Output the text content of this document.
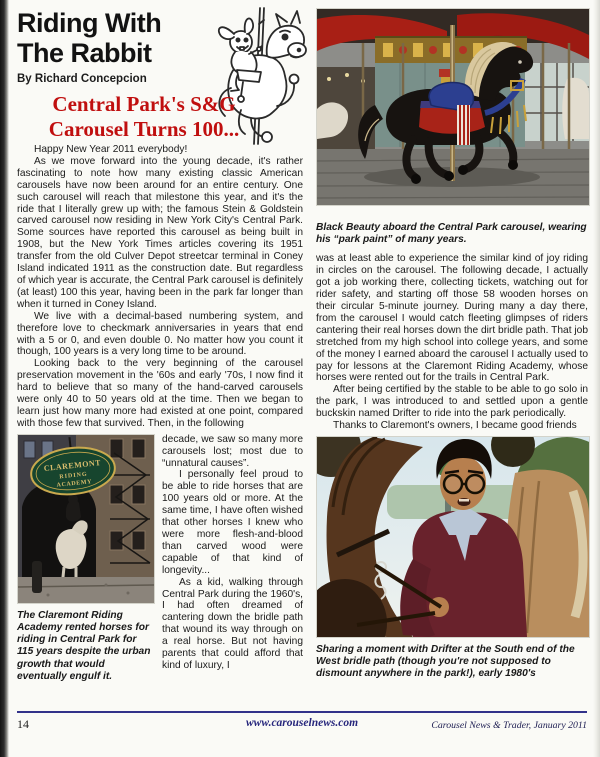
Riding With
The Rabbit
By Richard Concepcion
Central Park's S&G
Carousel Turns 100...

Happy New Year 2011 everybody!

As we move forward into the young decade, it's rather fascinating to note how many existing classic American carousels have now been around for an entire century. One such carousel will reach that milestone this year, and it's the ride that I literally grew up with; the famous Stein & Goldstein carved carousel now residing in New York City's Central Park. Some sources have reported this carousel as being built in 1908, but the New York Times articles covering its 1951 transfer from the old Culver Depot streetcar terminal in Coney Island indicated 1911 as the construction date. But regardless of which year is accurate, the Central Park carousel is definitely (at least) 100 this year, having been in the park far longer than when it turned in Coney Island.

We live with a decimal-based numbering system, and therefore love to checkmark anniversaries in years that end with a 5 or 0, and even double 0. No matter how you count it though, 100 years is a very long time to be around.

Looking back to the very beginning of the carousel preservation movement in the '60s and early '70s, I now find it hard to believe that so many of the hand-carved carousels were only 40 to 50 years old at the time. Then we began to learn just how many more had existed at one point, compared with those few that survived. Then, in the following

CLAREMONT
RIDING
ACADEMY
The Claremont Riding Academy rented horses for riding in Central Park for 115 years despite the urban growth that would eventually engulf it.

decade, we saw so many more carousels lost; most due to “unnatural causes”.

I personally feel proud to be able to ride horses that are 100 years old or more. At the same time, I have often wished that other horses I knew who were more flesh-and-blood than carved wood were capable of that kind of longevity...

As a kid, walking through Central Park during the 1960's, I had often dreamed of cantering down the bridle path that wound its way through on a real horse. But not having parents that could afford that kind of luxury, I

Black Beauty aboard the Central Park carousel, wearing his “park paint” of many years.

was at least able to experience the similar kind of joy riding in circles on the carousel. The following decade, I actually got a job working there, collecting tickets, watching out for rider safety, and starting off those 58 wooden horses on their circular 5-minute journey. During many a day there, from the carousel I would catch fleeting glimpses of riders cantering their real horses down the dirt bridle path. That job stretched from my high school into college years, and some of the money I earned aboard the carousel I actually used to pay for lessons at the Claremont Riding Academy, whose horses were rented out for the trails in Central Park.

After being certified by the stable to be able to go solo in the park, I was introduced to and settled upon a gentle buckskin named Drifter to ride into the park periodically.

Thanks to Claremont's owners, I became good friends

Sharing a moment with Drifter at the South end of the West bridle path (though you're not supposed to dismount anywhere in the park!), early 1980's
14	www.carouselnews.com	Carousel News & Trader, January 2011
